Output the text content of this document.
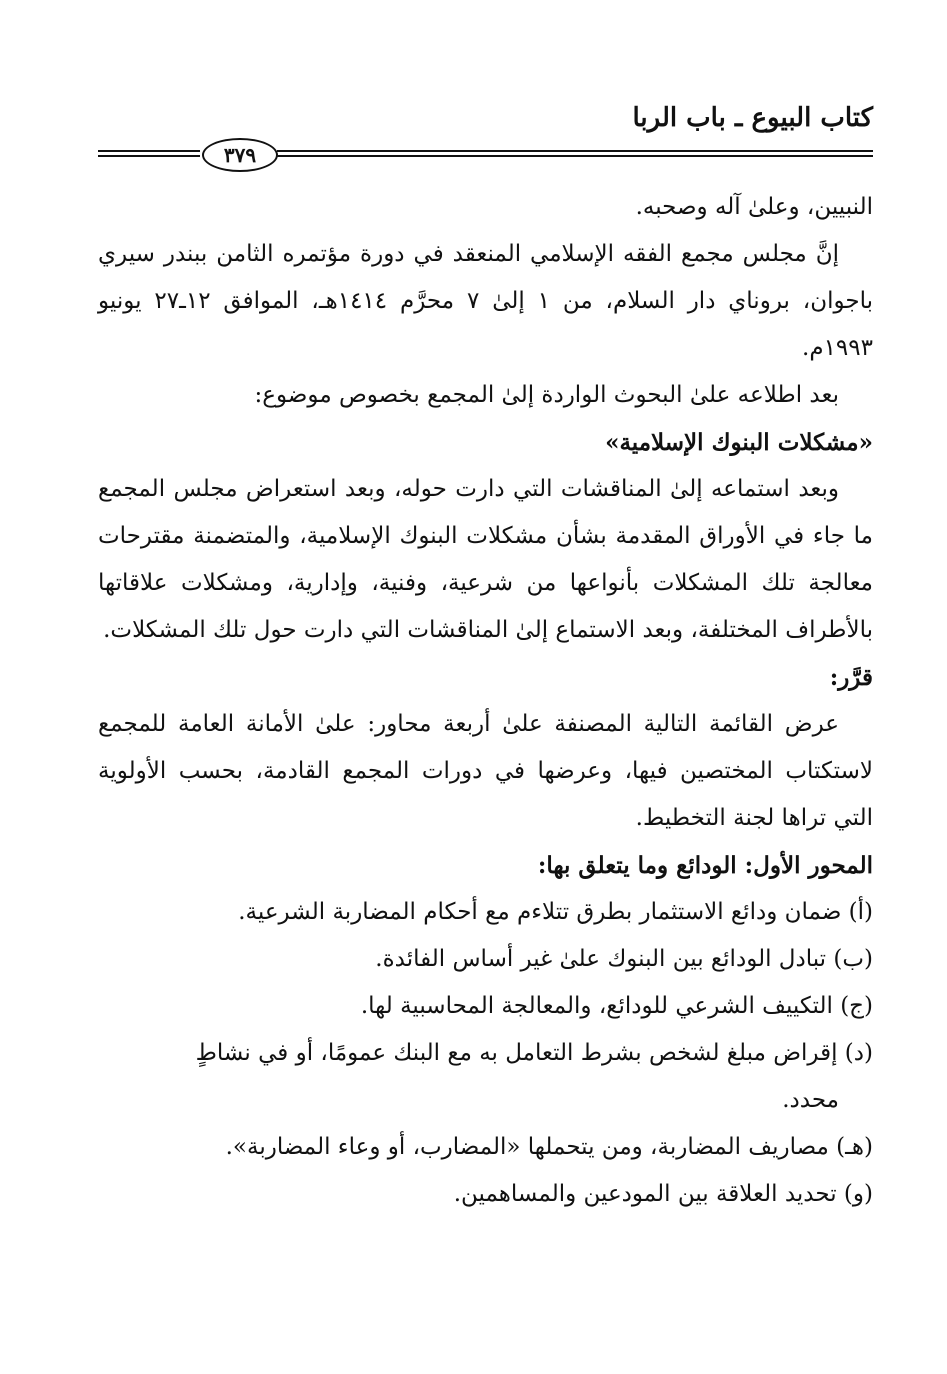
كتاب البيوع ـ باب الربا
٣٧٩

النبيين، وعلىٰ آله وصحبه.

إنَّ مجلس مجمع الفقه الإسلامي المنعقد في دورة مؤتمره الثامن ببندر سيري باجوان، بروناي دار السلام، من ١ إلىٰ ٧ محرَّم ١٤١٤هـ، الموافق ١٢ـ٢٧ يونيو ١٩٩٣م.

بعد اطلاعه علىٰ البحوث الواردة إلىٰ المجمع بخصوص موضوع:

«مشكلات البنوك الإسلامية»

وبعد استماعه إلىٰ المناقشات التي دارت حوله، وبعد استعراض مجلس المجمع ما جاء في الأوراق المقدمة بشأن مشكلات البنوك الإسلامية، والمتضمنة مقترحات معالجة تلك المشكلات بأنواعها من شرعية، وفنية، وإدارية، ومشكلات علاقاتها بالأطراف المختلفة، وبعد الاستماع إلىٰ المناقشات التي دارت حول تلك المشكلات.

قرَّر:

عرض القائمة التالية المصنفة علىٰ أربعة محاور: علىٰ الأمانة العامة للمجمع لاستكتاب المختصين فيها، وعرضها في دورات المجمع القادمة، بحسب الأولوية التي تراها لجنة التخطيط.

المحور الأول: الودائع وما يتعلق بها:

(أ) ضمان ودائع الاستثمار بطرق تتلاءم مع أحكام المضاربة الشرعية.

(ب) تبادل الودائع بين البنوك علىٰ غير أساس الفائدة.

(ج) التكييف الشرعي للودائع، والمعالجة المحاسبية لها.

(د) إقراض مبلغ لشخص بشرط التعامل به مع البنك عمومًا، أو في نشاطٍ

محدد.

(هـ) مصاريف المضاربة، ومن يتحملها «المضارب، أو وعاء المضاربة».

(و) تحديد العلاقة بين المودعين والمساهمين.
